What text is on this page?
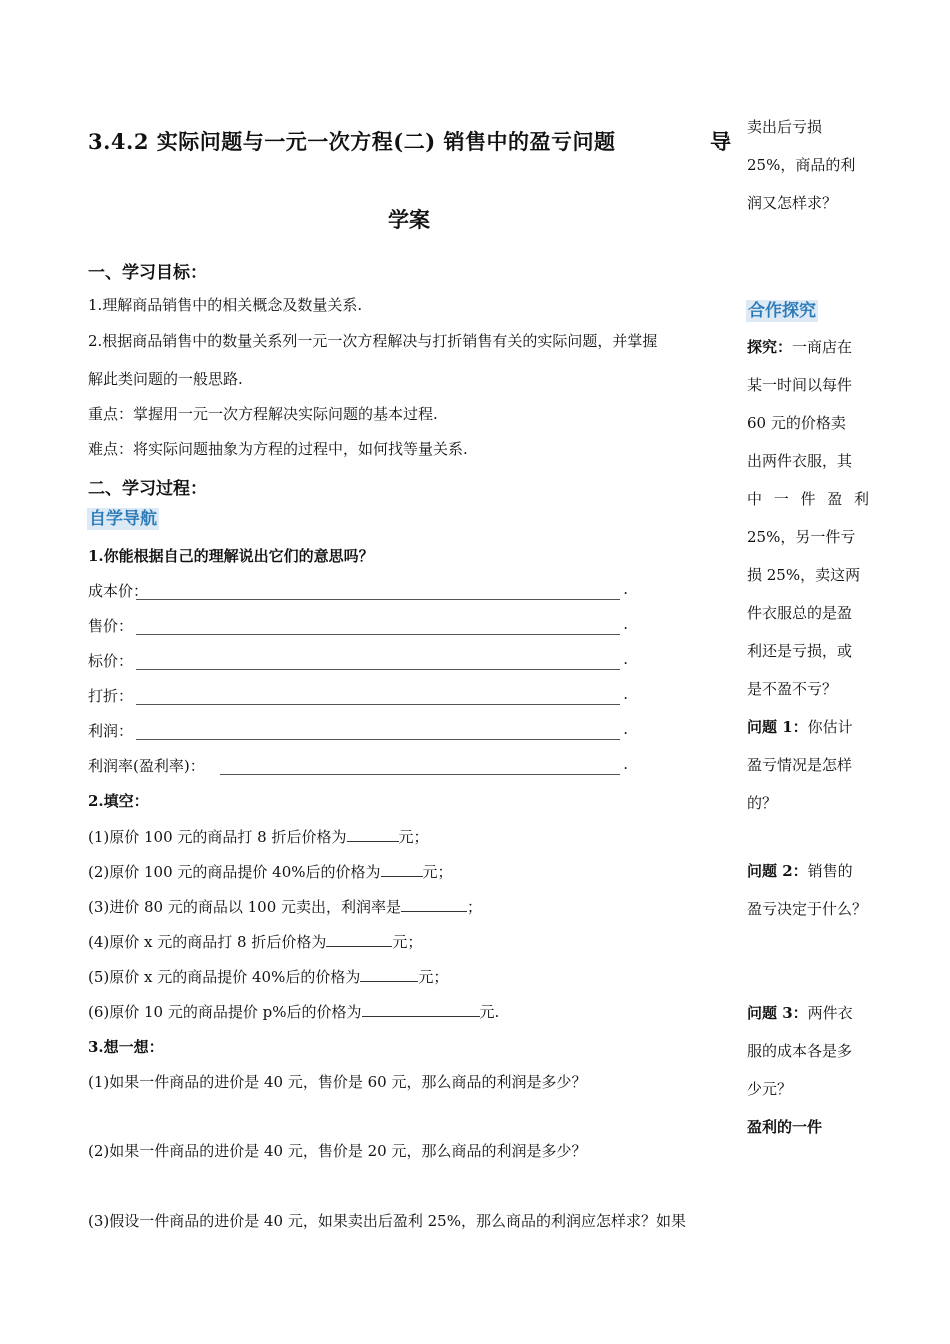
3.4.2 实际问题与一元一次方程(二) 销售中的盈亏问题	导
学案
一、学习目标：
1.理解商品销售中的相关概念及数量关系.
2.根据商品销售中的数量关系列一元一次方程解决与打折销售有关的实际问题，并掌握
解此类问题的一般思路.
重点：掌握用一元一次方程解决实际问题的基本过程.
难点：将实际问题抽象为方程的过程中，如何找等量关系.
二、学习过程：
自学导航
1.你能根据自己的理解说出它们的意思吗？
成本价：	.
售价：	.
标价：	.
打折：	.
利润：	.
利润率(盈利率)：	.
2.填空：
(1)原价 100 元的商品打 8 折后价格为	元；
(2)原价 100 元的商品提价 40%后的价格为	元；
(3)进价 80 元的商品以 100 元卖出，利润率是	；
(4)原价 x 元的商品打 8 折后价格为	元；
(5)原价 x 元的商品提价 40%后的价格为	元；
(6)原价 10 元的商品提价 p%后的价格为	元.
3.想一想：
(1)如果一件商品的进价是 40 元，售价是 60 元，那么商品的利润是多少？
(2)如果一件商品的进价是 40 元，售价是 20 元，那么商品的利润是多少？
(3)假设一件商品的进价是 40 元，如果卖出后盈利 25%，那么商品的利润应怎样求？如果
卖出后亏损
25%，商品的利
润又怎样求？
合作探究
探究：一商店在
某一时间以每件
60 元的价格卖
出两件衣服，其
中 一 件 盈 利
25%，另一件亏
损 25%，卖这两
件衣服总的是盈
利还是亏损，或
是不盈不亏？
问题 1：你估计
盈亏情况是怎样
的？
问题 2：销售的
盈亏决定于什么？
问题 3：两件衣
服的成本各是多
少元？
盈利的一件
